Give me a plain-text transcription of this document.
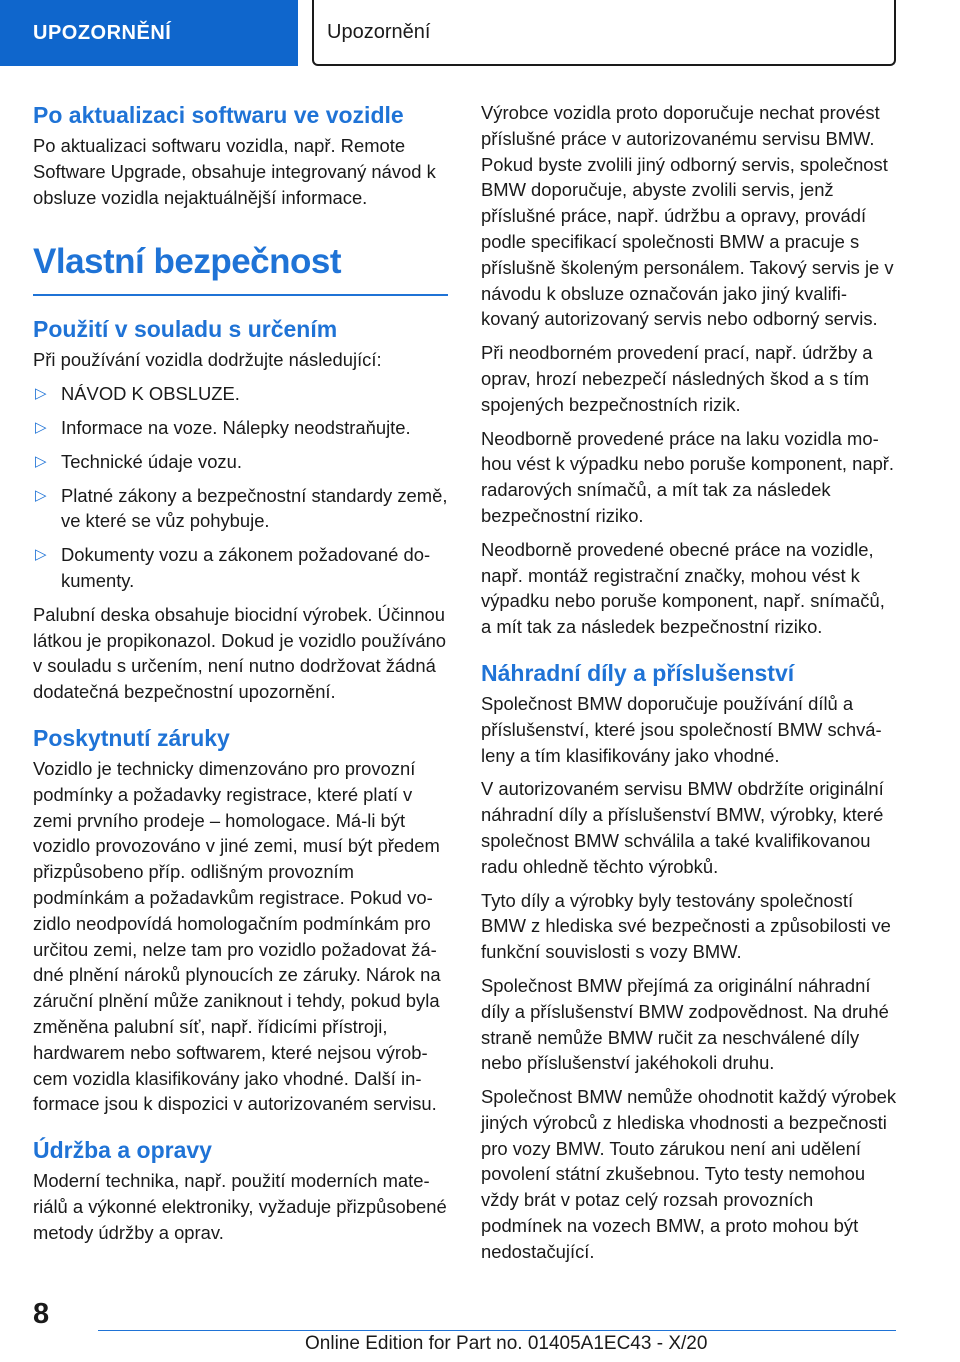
UPOZORNĚNÍ	Upozornění
Po aktualizaci softwaru ve vozidle

Po aktualizaci softwaru vozidla, např. Remote Software Upgrade, obsahuje integrovaný návod k obsluze vozidla nejaktuálnější informace.

Vlastní bezpečnost
Použití v souladu s určením

Při používání vozidla dodržujte následující:

▷ NÁVOD K OBSLUZE.
▷ Informace na voze. Nálepky neodstraňujte.
▷ Technické údaje vozu.
▷ Platné zákony a bezpečnostní standardy země, ve které se vůz pohybuje.
▷ Dokumenty vozu a zákonem požadované dokumenty.

Palubní deska obsahuje biocidní výrobek. Účinnou látkou je propikonazol. Dokud je vozidlo používáno v souladu s určením, není nutno dodržovat žádná dodatečná bezpečnostní upozornění.

Poskytnutí záruky

Vozidlo je technicky dimenzováno pro provozní podmínky a požadavky registrace, které platí v zemi prvního prodeje – homologace. Má-li být vozidlo provozováno v jiné zemi, musí být předem přizpůsobeno příp. odlišným provozním podmínkám a požadavkům registrace. Pokud vozidlo neodpovídá homologačním podmínkám pro určitou zemi, nelze tam pro vozidlo požadovat žádné plnění nároků plynoucích ze záruky. Nárok na záruční plnění může zaniknout i tehdy, pokud byla změněna palubní síť, např. řídicími přístroji, hardwarem nebo softwarem, které nejsou výrobcem vozidla klasifikovány jako vhodné. Další informace jsou k dispozici v autorizovaném servisu.

Údržba a opravy

Moderní technika, např. použití moderních materiálů a výkonné elektroniky, vyžaduje přizpůsobené metody údržby a oprav.

Výrobce vozidla proto doporučuje nechat provést příslušné práce v autorizovanému servisu BMW. Pokud byste zvolili jiný odborný servis, společnost BMW doporučuje, abyste zvolili servis, jenž příslušné práce, např. údržbu a opravy, provádí podle specifikací společnosti BMW a pracuje s příslušně školeným personálem. Takový servis je v návodu k obsluze označován jako jiný kvalifikovaný autorizovaný servis nebo odborný servis.

Při neodborném provedení prací, např. údržby a oprav, hrozí nebezpečí následných škod a s tím spojených bezpečnostních rizik.

Neodborně provedené práce na laku vozidla mohou vést k výpadku nebo poruše komponent, např. radarových snímačů, a mít tak za následek bezpečnostní riziko.

Neodborně provedené obecné práce na vozidle, např. montáž registrační značky, mohou vést k výpadku nebo poruše komponent, např. snímačů, a mít tak za následek bezpečnostní riziko.

Náhradní díly a příslušenství

Společnost BMW doporučuje používání dílů a příslušenství, které jsou společností BMW schváleny a tím klasifikovány jako vhodné.

V autorizovaném servisu BMW obdržíte originální náhradní díly a příslušenství BMW, výrobky, které společnost BMW schválila a také kvalifikovanou radu ohledně těchto výrobků.

Tyto díly a výrobky byly testovány společností BMW z hlediska své bezpečnosti a způsobilosti ve funkční souvislosti s vozy BMW.

Společnost BMW přejímá za originální náhradní díly a příslušenství BMW zodpovědnost. Na druhé straně nemůže BMW ručit za neschválené díly nebo příslušenství jakéhokoli druhu.

Společnost BMW nemůže ohodnotit každý výrobek jiných výrobců z hlediska vhodnosti a bezpečnosti pro vozy BMW. Touto zárukou není ani udělení povolení státní zkušebnou. Tyto testy nemohou vždy brát v potaz celý rozsah provozních podmínek na vozech BMW, a proto mohou být nedostačující.

8
Online Edition for Part no. 01405A1EC43 - X/20
